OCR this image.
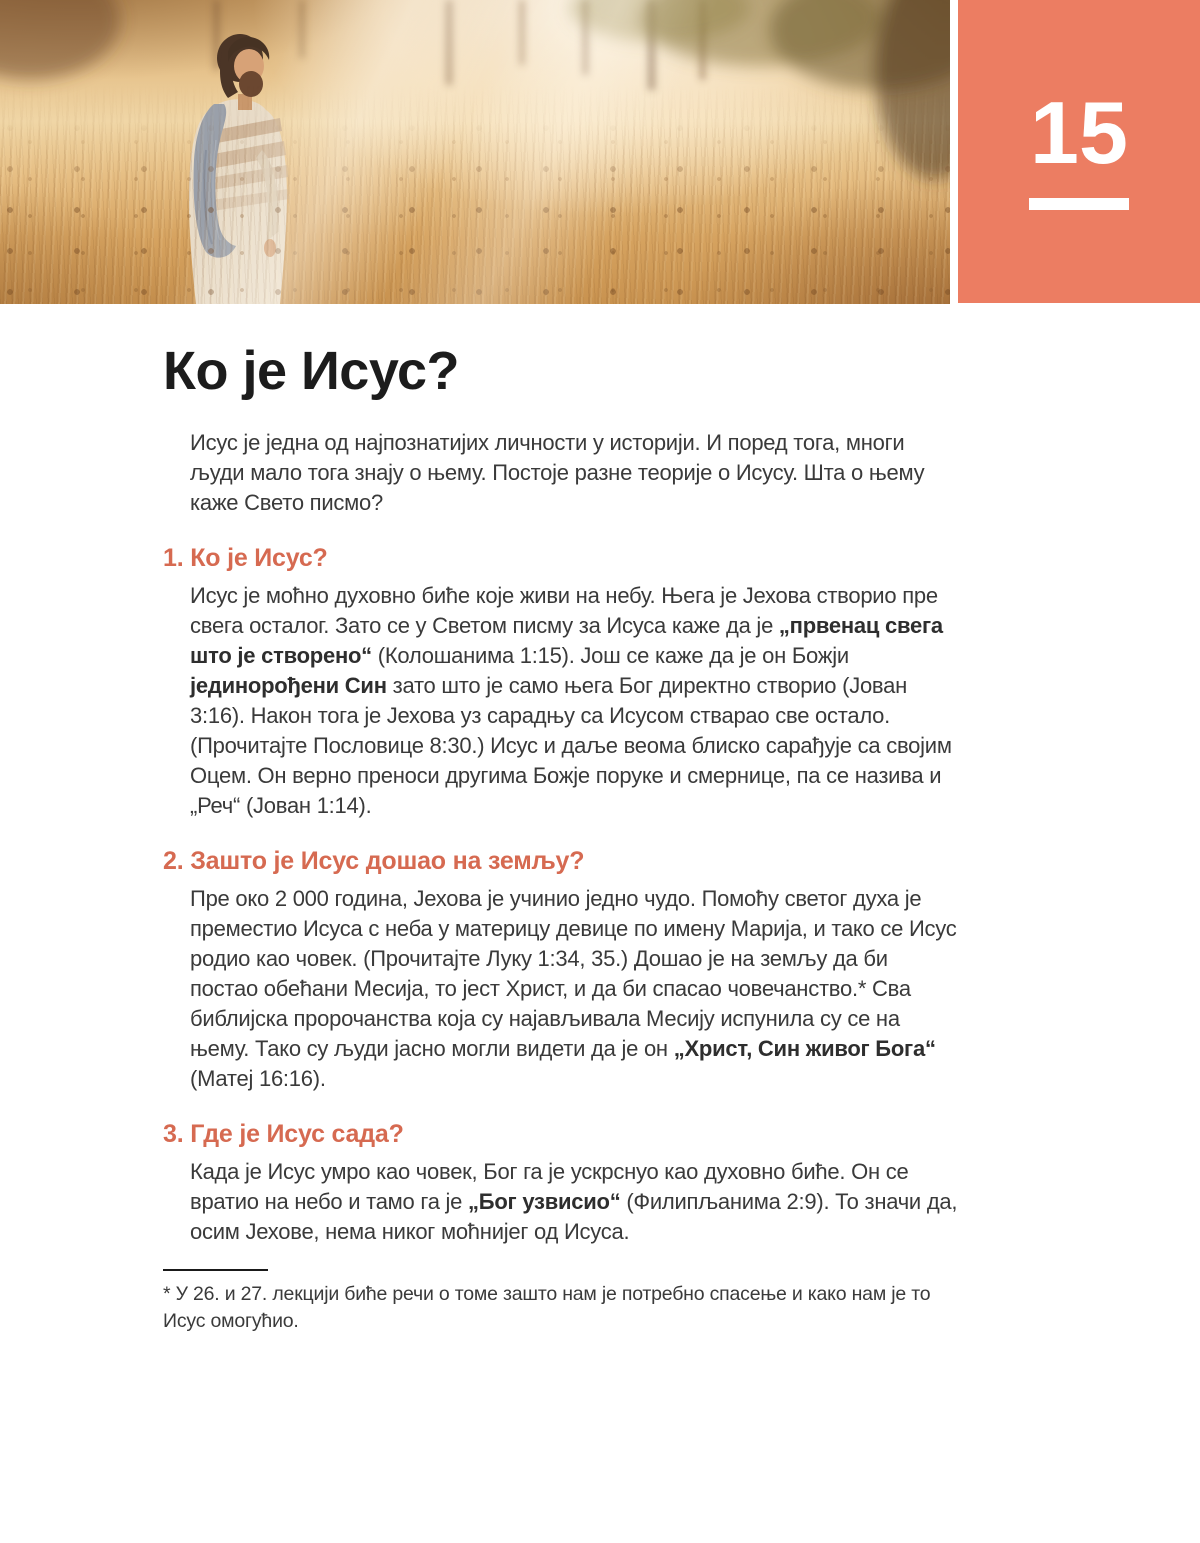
15
Ко је Исус?

Исус је једна од најпознатијих личности у историји. И поред тога, многи људи мало тога знају о њему. Постоје разне теорије о Исусу. Шта о њему каже Свето писмо?

1. Ко је Исус?

Исус је моћно духовно биће које живи на небу. Њега је Јехова створио пре свега осталог. Зато се у Светом писму за Исуса каже да је „првенац свега што је створено“ (Колошанима 1:15). Још се каже да је он Божји јединорођени Син зато што је само њега Бог директно створио (Јован 3:16). Након тога је Јехова уз сарадњу са Исусом стварао све остало. (Прочитајте Пословице 8:30.) Исус и даље веома блиско сарађује са својим Оцем. Он верно преноси другима Божје поруке и смернице, па се назива и „Реч“ (Јован 1:14).

2. Зашто је Исус дошао на земљу?

Пре око 2 000 година, Јехова је учинио једно чудо. Помоћу светог духа је преместио Исуса с неба у материцу девице по имену Марија, и тако се Исус родио као човек. (Прочитајте Луку 1:34, 35.) Дошао је на земљу да би постао обећани Месија, то јест Христ, и да би спасао човечанство.* Сва библијска пророчанства која су најављивала Месију испунила су се на њему. Тако су људи јасно могли видети да је он „Христ, Син живог Бога“ (Матеј 16:16).

3. Где је Исус сада?

Када је Исус умро као човек, Бог га је ускрснуо као духовно биће. Он се вратио на небо и тамо га је „Бог узвисио“ (Филипљанима 2:9). То значи да, осим Јехове, нема никог моћнијег од Исуса.

* У 26. и 27. лекцији биће речи о томе зашто нам је потребно спасење и како нам је то Исус омогућио.
